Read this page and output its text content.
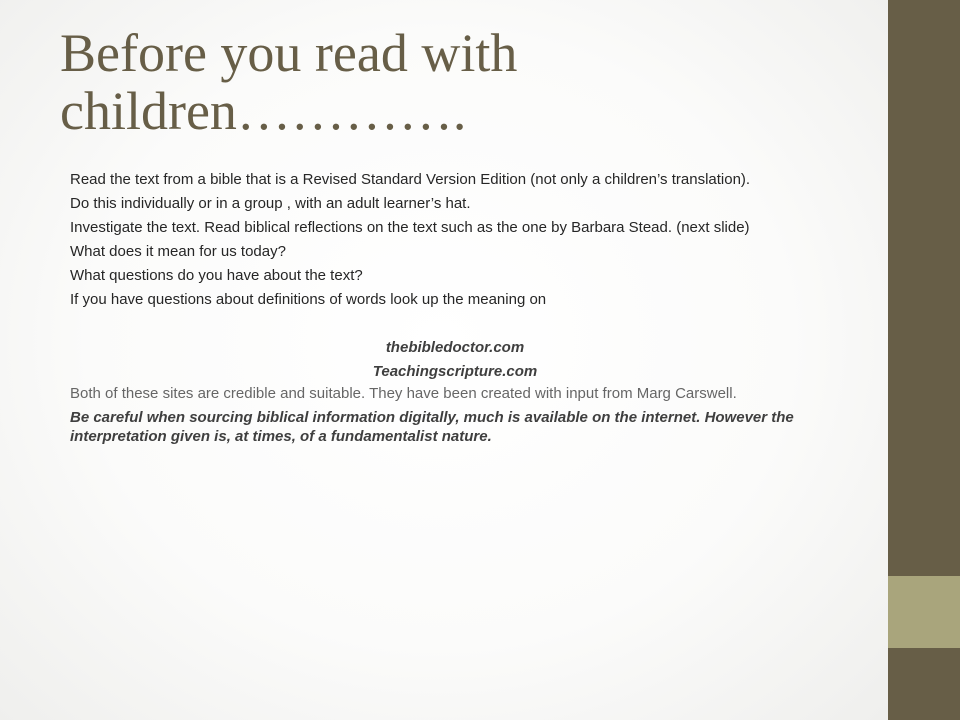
Before you read with children………….

Read the text from a bible that is a Revised Standard Version Edition (not only a children’s translation).

Do this individually or in a group , with an adult learner’s hat.

Investigate the text. Read biblical reflections on the text such as the one by Barbara Stead. (next slide)

What does it mean for us today?

What questions do you have about the text?

If you have questions about definitions of words look up the meaning on

thebibledoctor.com
Teachingscripture.com

Both of these sites are credible and suitable. They have been created with input from Marg Carswell.

Be careful when sourcing biblical information digitally, much is available on the internet. However the interpretation given is, at times, of a fundamentalist nature.
